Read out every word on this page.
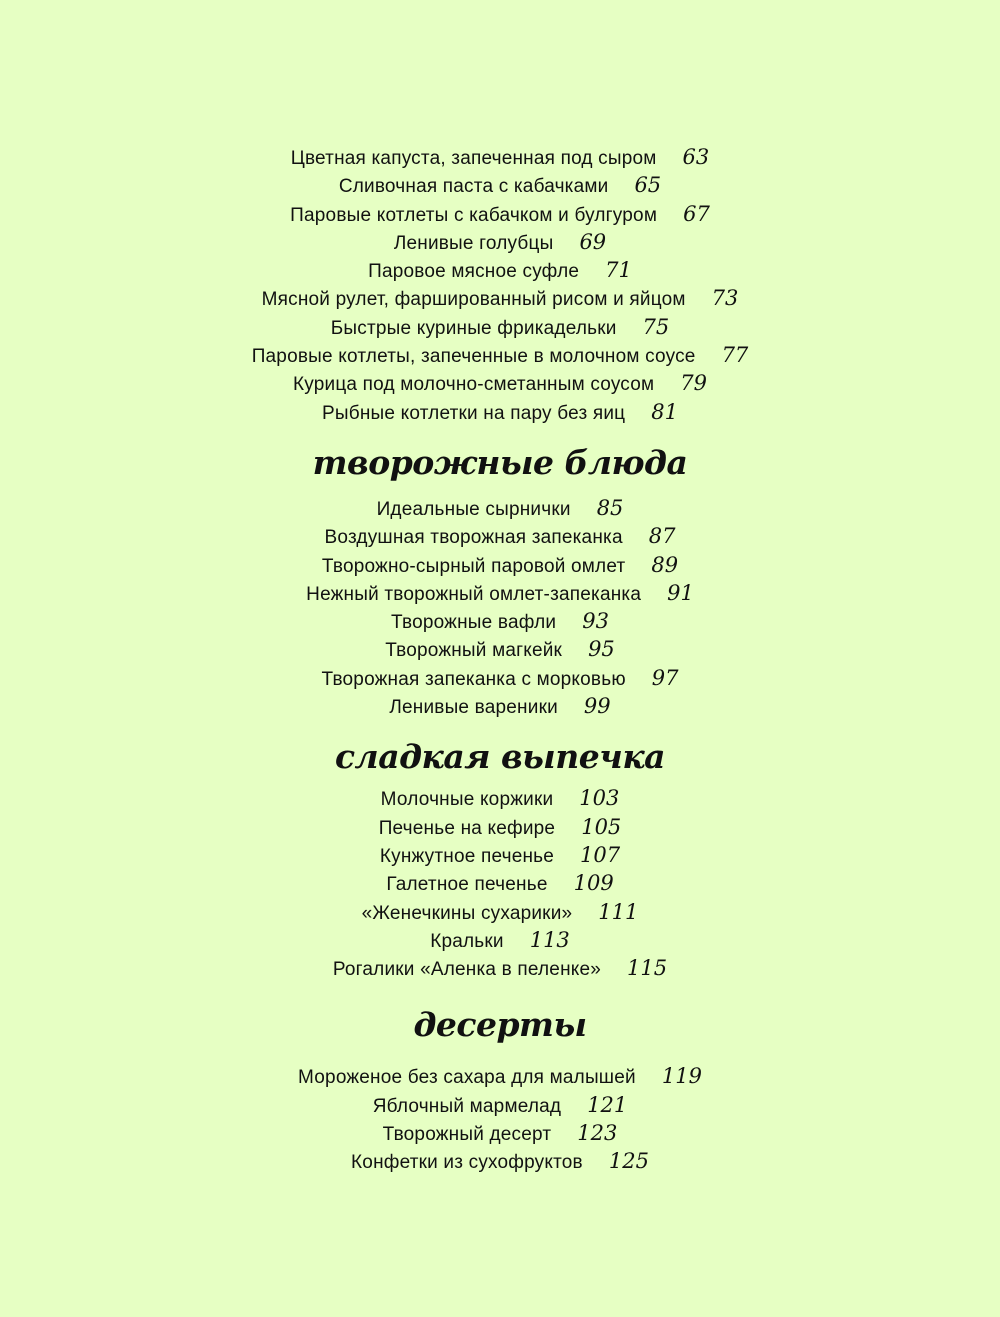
Цветная капуста, запеченная под сыром 63
Сливочная паста с кабачками 65
Паровые котлеты с кабачком и булгуром 67
Ленивые голубцы 69
Паровое мясное суфле 71
Мясной рулет, фаршированный рисом и яйцом 73
Быстрые куриные фрикадельки 75
Паровые котлеты, запеченные в молочном соусе 77
Курица под молочно-сметанным соусом 79
Рыбные котлетки на пару без яиц 81
творожные блюда
Идеальные сырнички 85
Воздушная творожная запеканка 87
Творожно-сырный паровой омлет 89
Нежный творожный омлет-запеканка 91
Творожные вафли 93
Творожный магкейк 95
Творожная запеканка с морковью 97
Ленивые вареники 99
сладкая выпечка
Молочные коржики 103
Печенье на кефире 105
Кунжутное печенье 107
Галетное печенье 109
«Женечкины сухарики» 111
Кральки 113
Рогалики «Аленка в пеленке» 115
десерты
Мороженое без сахара для малышей 119
Яблочный мармелад 121
Творожный десерт 123
Конфетки из сухофруктов 125
